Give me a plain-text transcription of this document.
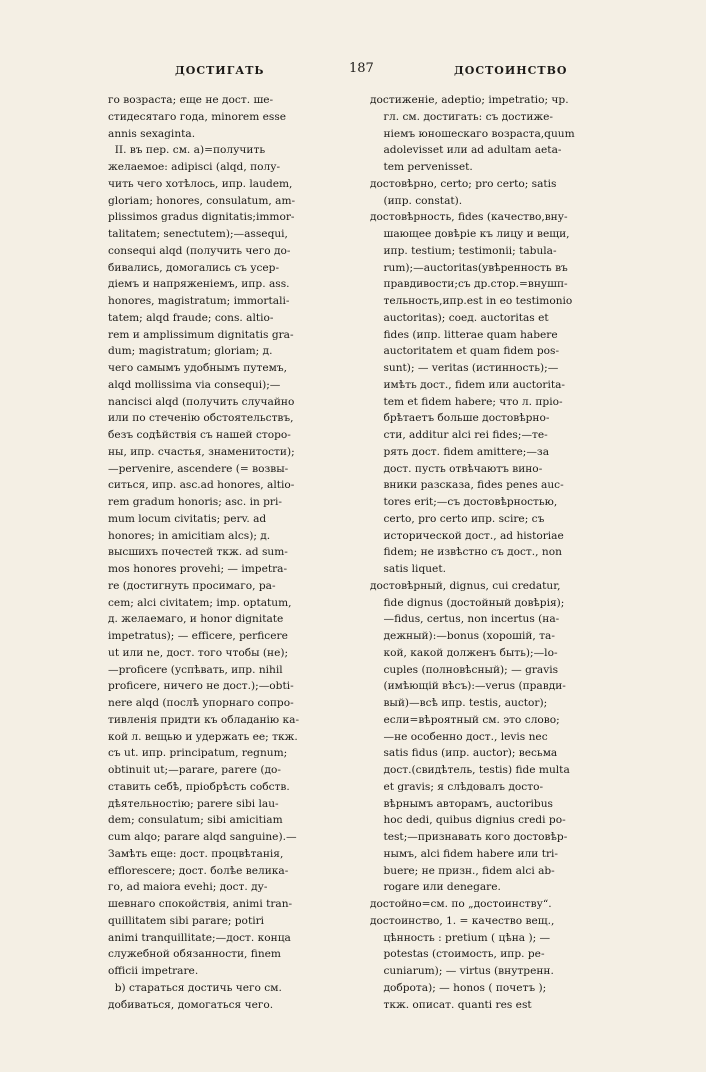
ДОСТИГАТЬ	187	ДОСТОИНСТВО

го возраста; еще не дост. ше-

стидесятаго года, minorem esse

annis sexaginta.

II. въ пер. см. a)=получить

желаемое: adipisci (alqd, полу-

чить чего хотѣлось, ипр. laudem,

gloriam; honores, consulatum, am-

plissimos gradus dignitatis;immor-

talitatem; senectutem);—assequi,

consequi alqd (получить чего до-

бивались, домогались съ усер-

діемъ и напряженіемъ, ипр. ass.

honores, magistratum; immortali-

tatem; alqd fraude; cons. altio-

rem и amplissimum dignitatis gra-

dum; magistratum; gloriam; д.

чего самымъ удобнымъ путемъ,

alqd mollissima via consequi);—

nancisci alqd (получить случайно

или по стеченію обстоятельствъ,

безъ содѣйствія съ нашей сторо-

ны, ипр. счастья, знаменитости);

—pervenire, ascendere (= возвы-

ситься, ипр. asc.ad honores, altio-

rem gradum honoris; asc. in pri-

mum locum civitatis; perv. ad

honores; in amicitiam alcs); д.

высшихъ почестей ткж. ad sum-

mos honores provehi; — impetra-

re (достигнуть просимаго, ра-

cem; alci civitatem; imp. optatum,

д. желаемаго, и honor dignitate

impetratus); — efficere, perficere

ut или ne, дост. того чтобы (не);

—proficere (успѣвать, ипр. nihil

proficere, ничего не дост.);—obti-

nere alqd (послѣ упорнаго сопро-

тивленія придти къ обладанію ка-

кой л. вещью и удержать ее; ткж.

съ ut. ипр. principatum, regnum;

obtinuit ut;—parare, parere (до-

ставить себѣ, пріобрѣсть собств.

дѣятельностію; parere sibi lau-

dem; consulatum; sibi amicitiam

cum alqo; parare alqd sanguine).—

Замѣть еще: дост. процвѣтанія,

efflorescere; дост. болѣе велика-

го, ad maiora evehi; дост. ду-

шевнаго спокойствія, animi tran-

quillitatem sibi parare; potiri

animi tranquillitate;—дост. конца

служебной обязанности, finem

officii impetrare.

b) стараться достичь чего см.

добиваться, домогаться чего.

достиженіе, adeptio; impetratio; чр.

гл. см. достигать: съ достиже-

ніемъ юношескаго возраста,quum

adolevisset или ad adultam aeta-

tem pervenisset.

достовѣрно, certo; pro certo; satis

(ипр. constat).

достовѣрность, fides (качество,вну-

шающее довѣріе къ лицу и вещи,

ипр. testium; testimonii; tabula-

rum);—auctoritas(увѣренность въ

правдивости;съ др.стор.=внушп-

тельность,ипр.est in eo testimonio

auctoritas); соед. auctoritas et

fides (ипр. litterae quam habere

auctoritatem et quam fidem pos-

sunt); — veritas (истинность);—

имѣть дост., fidem или auctorita-

tem et fidem habere; что л. пріо-

брѣтаетъ больше достовѣрно-

сти, additur alci rei fides;—те-

рять дост. fidem amittere;—за

дост. пусть отвѣчаютъ вино-

вники разсказа, fides penes auc-

tores erit;—съ достовѣрностью,

certo, pro certo ипр. scire; съ

исторической дост., ad historiae

fidem; не извѣстно съ дост., non

satis liquet.

достовѣрный, dignus, cui credatur,

fide dignus (достойный довѣрія);

—fidus, certus, non incertus (на-

дежный):—bonus (хорошій, та-

кой, какой долженъ быть);—lo-

cuples (полновѣсный); — gravis

(имѣющій вѣсъ):—verus (правди-

вый)—всѣ ипр. testis, auctor);

если=вѣроятный см. это слово;

—не особенно дост., levis nec

satis fidus (ипр. auctor); весьма

дост.(свидѣтель, testis) fide multa

et gravis; я слѣдовалъ досто-

вѣрнымъ авторамъ, auctoribus

hoc dedi, quibus dignius credi po-

test;—признавать кого достовѣр-

нымъ, alci fidem habere или tri-

buere; не призн., fidem alci ab-

rogare или denegare.

достойно=см. по „достоинству“.

достоинство, 1. = качество вещ.,

цѣнность : pretium ( цѣна ); —

potestas (стоимость, ипр. pe-

cuniarum); — virtus (внутренн.

доброта); — honos ( почетъ );

ткж. описат. quanti res est
